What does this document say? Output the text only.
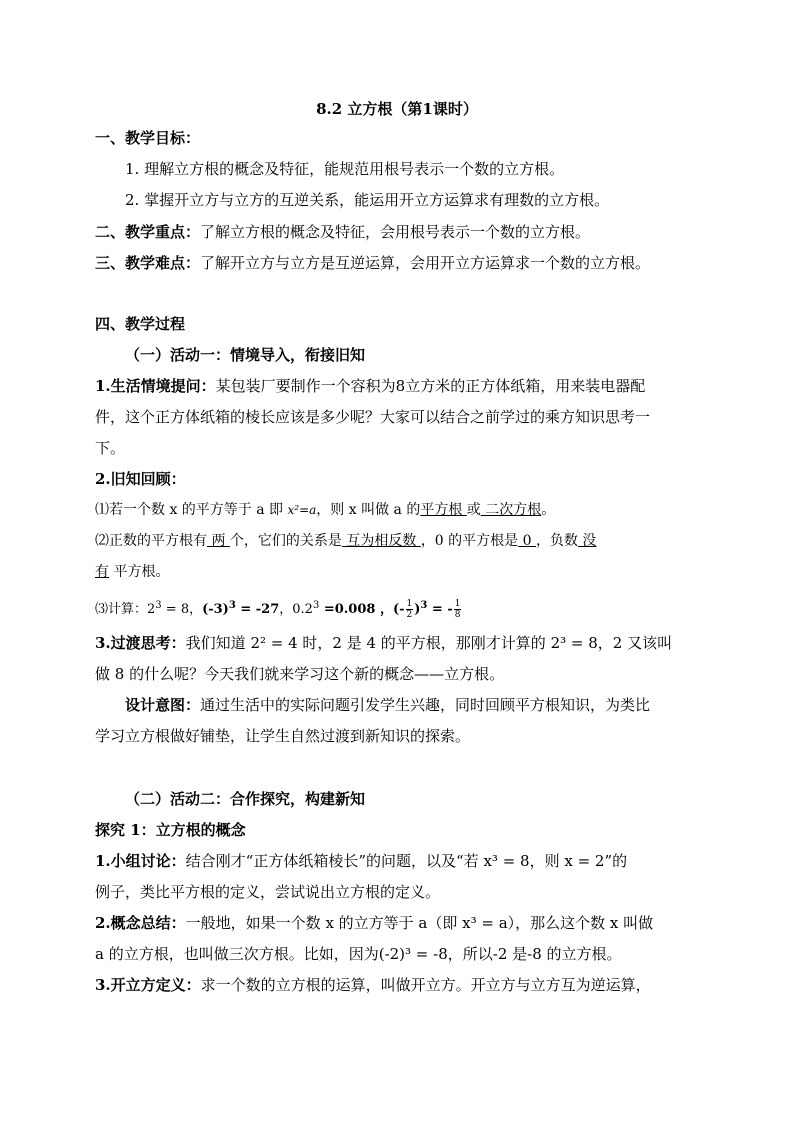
8.2 立方根（第1课时）
一、教学目标：
1. 理解立方根的概念及特征，能规范用根号表示一个数的立方根。
2. 掌握开立方与立方的互逆关系，能运用开立方运算求有理数的立方根。
二、教学重点：了解立方根的概念及特征，会用根号表示一个数的立方根。
三、教学难点：了解开立方与立方是互逆运算，会用开立方运算求一个数的立方根。
四、教学过程
（一）活动一：情境导入，衔接旧知
1.生活情境提问：某包装厂要制作一个容积为8立方米的正方体纸箱，用来装电器配
件，这个正方体纸箱的棱长应该是多少呢？大家可以结合之前学过的乘方知识思考一
下。
2.旧知回顾：
⑴若一个数 x 的平方等于 a 即 x²=a，则 x 叫做 a 的平方根 或 二次方根。
⑵正数的平方根有 两 个，它们的关系是 互为相反数 ，0 的平方根是 0 ，负数 没
有 平方根。
⑶计算：$2^3 = 8$，$(-3)^3 = -27$，$0.2^3 =0.008$ ，(- $\frac{1}{2} )^3$ = - $\frac{1}{8}$
3.过渡思考：我们知道 2² = 4 时，2 是 4 的平方根，那刚才计算的 2³ = 8，2 又该叫
做 8 的什么呢？今天我们就来学习这个新的概念——立方根。
设计意图：通过生活中的实际问题引发学生兴趣，同时回顾平方根知识，为类比
学习立方根做好铺垫，让学生自然过渡到新知识的探索。
（二）活动二：合作探究，构建新知
探究 1：立方根的概念
1.小组讨论：结合刚才“正方体纸箱棱长”的问题，以及“若 x³ = 8，则 x = 2”的
例子，类比平方根的定义，尝试说出立方根的定义。
2.概念总结：一般地，如果一个数 x 的立方等于 a（即 x³ = a），那么这个数 x 叫做
a 的立方根，也叫做三次方根。比如，因为(-2)³ = -8，所以-2 是-8 的立方根。
3.开立方定义：求一个数的立方根的运算，叫做开立方。开立方与立方互为逆运算，
